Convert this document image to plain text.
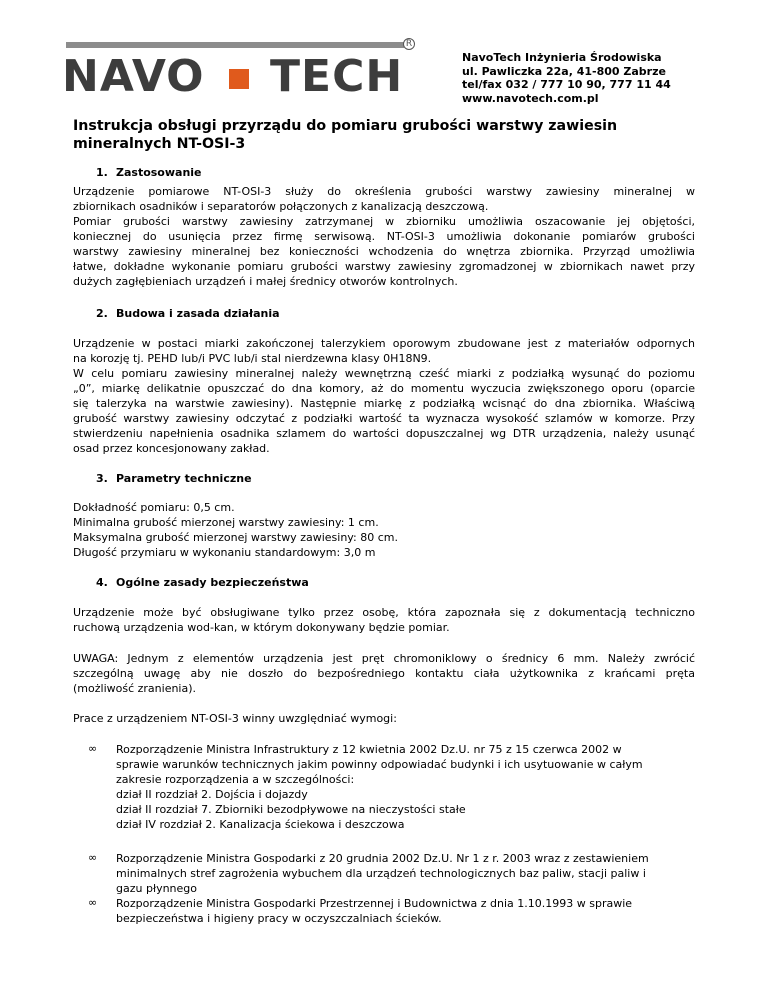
R
NAVO TECH	NavoTech Inżynieria Środowiska
ul. Pawliczka 22a, 41-800 Zabrze
tel/fax 032 / 777 10 90, 777 11 44
www.navotech.com.pl
Instrukcja obsługi przyrządu do pomiaru grubości warstwy zawiesin
mineralnych NT-OSI-3
1. Zastosowanie
Urządzenie pomiarowe NT-OSI-3 służy do określenia grubości warstwy zawiesiny mineralnej w
zbiornikach osadników i separatorów połączonych z kanalizacją deszczową.
Pomiar grubości warstwy zawiesiny zatrzymanej w zbiorniku umożliwia oszacowanie jej objętości,
koniecznej do usunięcia przez firmę serwisową. NT-OSI-3 umożliwia dokonanie pomiarów grubości
warstwy zawiesiny mineralnej bez konieczności wchodzenia do wnętrza zbiornika. Przyrząd umożliwia
łatwe, dokładne wykonanie pomiaru grubości warstwy zawiesiny zgromadzonej w zbiornikach nawet przy
dużych zagłębieniach urządzeń i małej średnicy otworów kontrolnych.
2. Budowa i zasada działania
Urządzenie w postaci miarki zakończonej talerzykiem oporowym zbudowane jest z materiałów odpornych
na korozję tj. PEHD lub/i PVC lub/i stal nierdzewna klasy 0H18N9.
W celu pomiaru zawiesiny mineralnej należy wewnętrzną cześć miarki z podziałką wysunąć do poziomu
„0”, miarkę delikatnie opuszczać do dna komory, aż do momentu wyczucia zwiększonego oporu (oparcie
się talerzyka na warstwie zawiesiny). Następnie miarkę z podziałką wcisnąć do dna zbiornika. Właściwą
grubość warstwy zawiesiny odczytać z podziałki wartość ta wyznacza wysokość szlamów w komorze. Przy
stwierdzeniu napełnienia osadnika szlamem do wartości dopuszczalnej wg DTR urządzenia, należy usunąć
osad przez koncesjonowany zakład.
3. Parametry techniczne
Dokładność pomiaru: 0,5 cm.
Minimalna grubość mierzonej warstwy zawiesiny: 1 cm.
Maksymalna grubość mierzonej warstwy zawiesiny: 80 cm.
Długość przymiaru w wykonaniu standardowym: 3,0 m
4. Ogólne zasady bezpieczeństwa
Urządzenie może być obsługiwane tylko przez osobę, która zapoznała się z dokumentacją techniczno
ruchową urządzenia wod-kan, w którym dokonywany będzie pomiar.
UWAGA: Jednym z elementów urządzenia jest pręt chromoniklowy o średnicy 6 mm. Należy zwrócić
szczególną uwagę aby nie doszło do bezpośredniego kontaktu ciała użytkownika z krańcami pręta
(możliwość zranienia).
Prace z urządzeniem NT-OSI-3 winny uwzględniać wymogi:
∞ Rozporządzenie Ministra Infrastruktury z 12 kwietnia 2002 Dz.U. nr 75 z 15 czerwca 2002 w
sprawie warunków technicznych jakim powinny odpowiadać budynki i ich usytuowanie w całym
zakresie rozporządzenia a w szczególności:
dział II rozdział 2. Dojścia i dojazdy
dział II rozdział 7. Zbiorniki bezodpływowe na nieczystości stałe
dział IV rozdział 2. Kanalizacja ściekowa i deszczowa
∞ Rozporządzenie Ministra Gospodarki z 20 grudnia 2002 Dz.U. Nr 1 z r. 2003 wraz z zestawieniem
minimalnych stref zagrożenia wybuchem dla urządzeń technologicznych baz paliw, stacji paliw i
gazu płynnego
∞ Rozporządzenie Ministra Gospodarki Przestrzennej i Budownictwa z dnia 1.10.1993 w sprawie
bezpieczeństwa i higieny pracy w oczyszczalniach ścieków.
